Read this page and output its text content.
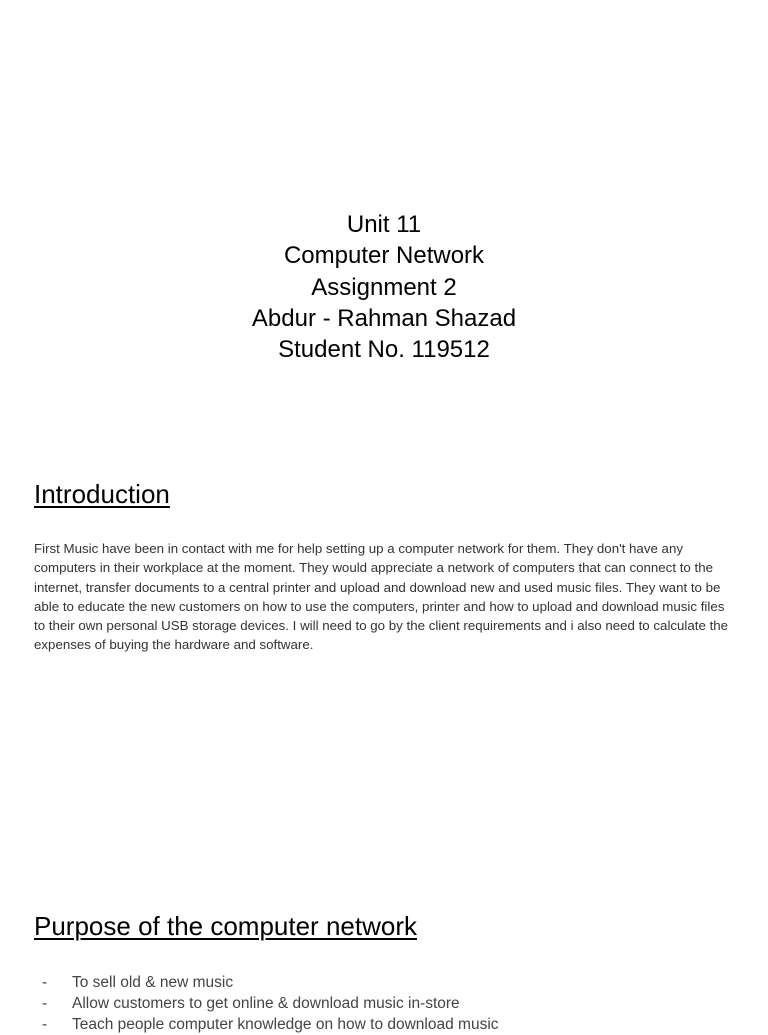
Unit 11
Computer Network
Assignment 2
Abdur - Rahman Shazad
Student No. 119512
Introduction

First Music have been in contact with me for help setting up a computer network for them. They don't have any computers in their workplace at the moment. They would appreciate a network of computers that can connect to the internet, transfer documents to a central printer and upload and download new and used music files. They want to be able to educate the new customers on how to use the computers, printer and how to upload and download music files to their own personal USB storage devices. I will need to go by the client requirements and i also need to calculate the expenses of buying the hardware and software.

Purpose of the computer network
- To sell old & new music
- Allow customers to get online & download music in-store
- Teach people computer knowledge on how to download music
